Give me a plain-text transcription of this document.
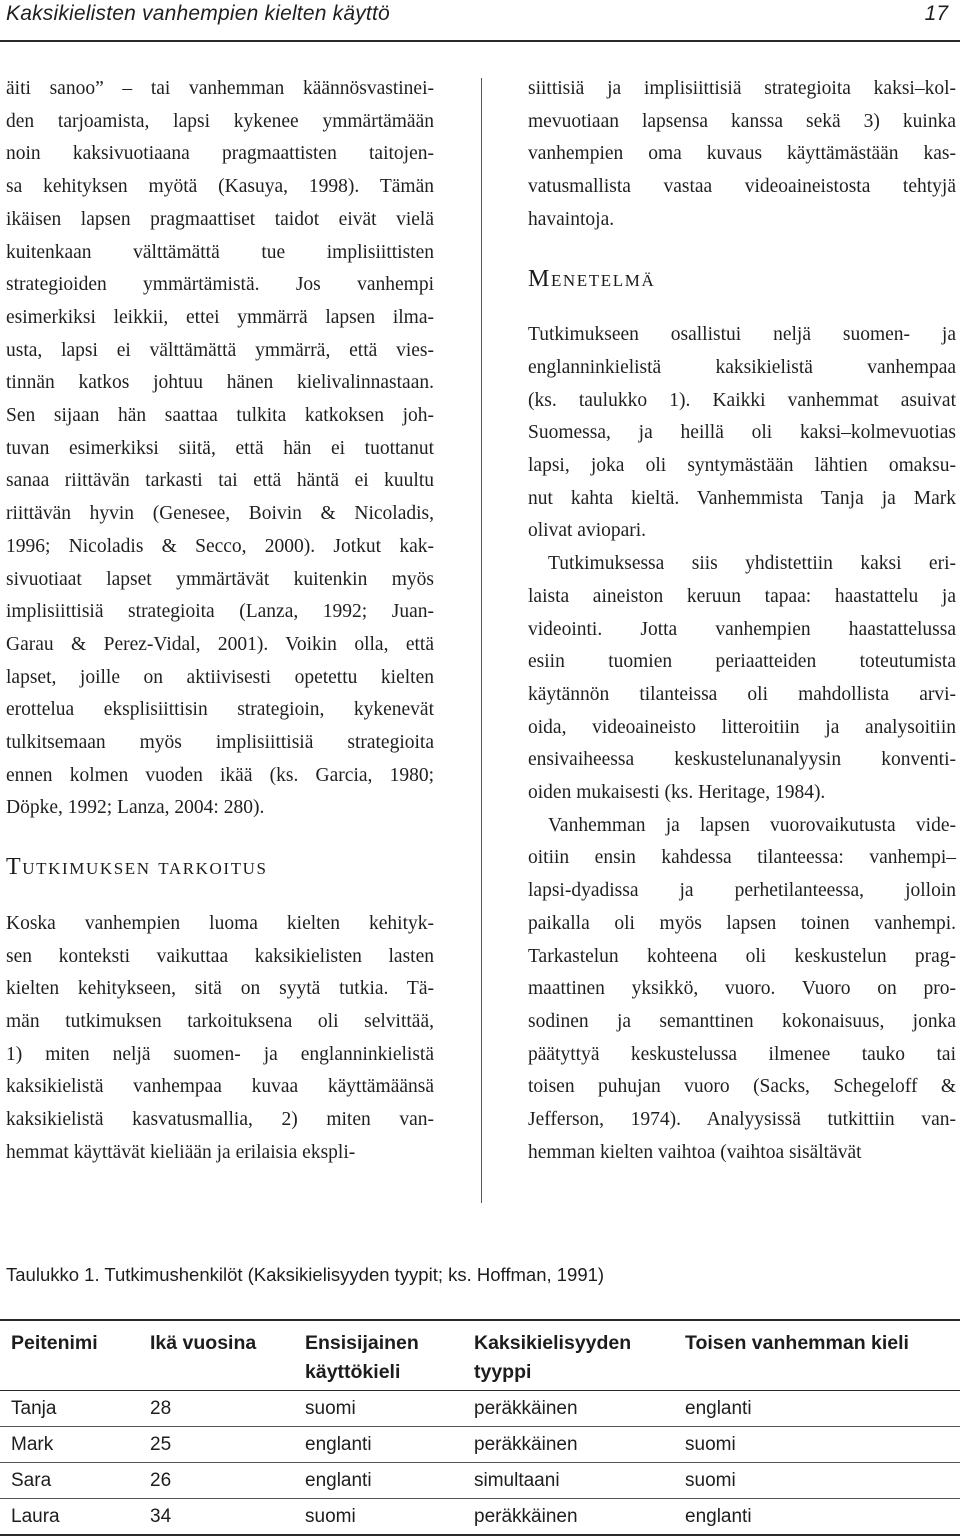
Kaksikielisten vanhempien kielten käyttö	17
äiti sanoo” – tai vanhemman käännösvastinei-
den tarjoamista, lapsi kykenee ymmärtämään
noin kaksivuotiaana pragmaattisten taitojen-
sa kehityksen myötä (Kasuya, 1998). Tämän
ikäisen lapsen pragmaattiset taidot eivät vielä
kuitenkaan välttämättä tue implisiittisten
strategioiden ymmärtämistä. Jos vanhempi
esimerkiksi leikkii, ettei ymmärrä lapsen ilma-
usta, lapsi ei välttämättä ymmärrä, että vies-
tinnän katkos johtuu hänen kielivalinnastaan.
Sen sijaan hän saattaa tulkita katkoksen joh-
tuvan esimerkiksi siitä, että hän ei tuottanut
sanaa riittävän tarkasti tai että häntä ei kuultu
riittävän hyvin (Genesee, Boivin & Nicoladis,
1996; Nicoladis & Secco, 2000). Jotkut kak-
sivuotiaat lapset ymmärtävät kuitenkin myös
implisiittisiä strategioita (Lanza, 1992; Juan-
Garau & Perez-Vidal, 2001). Voikin olla, että
lapset, joille on aktiivisesti opetettu kielten
erottelua eksplisiittisin strategioin, kykenevät
tulkitsemaan myös implisiittisiä strategioita
ennen kolmen vuoden ikää (ks. Garcia, 1980;
Döpke, 1992; Lanza, 2004: 280).
Tutkimuksen tarkoitus
Koska vanhempien luoma kielten kehityk-
sen konteksti vaikuttaa kaksikielisten lasten
kielten kehitykseen, sitä on syytä tutkia. Tä-
män tutkimuksen tarkoituksena oli selvittää,
1) miten neljä suomen- ja englanninkielistä
kaksikielistä vanhempaa kuvaa käyttämäänsä
kaksikielistä kasvatusmallia, 2) miten van-
hemmat käyttävät kieliään ja erilaisia ekspli-
siittisiä ja implisiittisiä strategioita kaksi–kol-
mevuotiaan lapsensa kanssa sekä 3) kuinka
vanhempien oma kuvaus käyttämästään kas-
vatusmallista vastaa videoaineistosta tehtyjä
havaintoja.
Menetelmä
Tutkimukseen osallistui neljä suomen- ja
englanninkielistä kaksikielistä vanhempaa
(ks. taulukko 1). Kaikki vanhemmat asuivat
Suomessa, ja heillä oli kaksi–kolmevuotias
lapsi, joka oli syntymästään lähtien omaksu-
nut kahta kieltä. Vanhemmista Tanja ja Mark
olivat aviopari.
Tutkimuksessa siis yhdistettiin kaksi eri-
laista aineiston keruun tapaa: haastattelu ja
videointi. Jotta vanhempien haastattelussa
esiin tuomien periaatteiden toteutumista
käytännön tilanteissa oli mahdollista arvi-
oida, videoaineisto litteroitiin ja analysoitiin
ensivaiheessa keskustelunanalyysin konventi-
oiden mukaisesti (ks. Heritage, 1984).
Vanhemman ja lapsen vuorovaikutusta vide-
oitiin ensin kahdessa tilanteessa: vanhempi–
lapsi-dyadissa ja perhetilanteessa, jolloin
paikalla oli myös lapsen toinen vanhempi.
Tarkastelun kohteena oli keskustelun prag-
maattinen yksikkö, vuoro. Vuoro on pro-
sodinen ja semanttinen kokonaisuus, jonka
päätyttyä keskustelussa ilmenee tauko tai
toisen puhujan vuoro (Sacks, Schegeloff &
Jefferson, 1974). Analyysissä tutkittiin van-
hemman kielten vaihtoa (vaihtoa sisältävät
Taulukko 1. Tutkimushenkilöt (Kaksikielisyyden tyypit; ks. Hoffman, 1991)
Peitenimi	Ikä vuosina	Ensisijainen käyttökieli	Kaksikielisyyden tyyppi	Toisen vanhemman kieli
Tanja	28	suomi	peräkkäinen	englanti
Mark	25	englanti	peräkkäinen	suomi
Sara	26	englanti	simultaani	suomi
Laura	34	suomi	peräkkäinen	englanti
